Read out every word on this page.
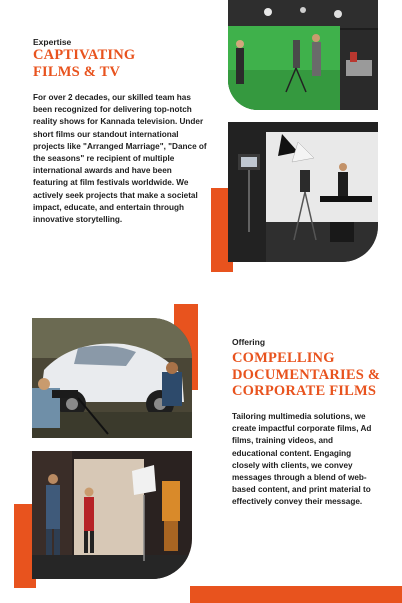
Expertise
CAPTIVATING
FILMS & TV
For over 2 decades, our skilled team has been recognized for delivering top-notch reality shows for Kannada television. Under short films our standout international projects like "Arranged Marriage", "Dance of the seasons" re recipient of multiple international awards and have been featuring at film festivals worldwide. We actively seek projects that make a societal impact, educate, and entertain through innovative storytelling.
Offering
COMPELLING
DOCUMENTARIES &
CORPORATE FILMS
Tailoring multimedia solutions, we create impactful corporate films, Ad films, training videos, and educational content. Engaging closely with clients, we convey messages through a blend of web-based content, and print material to effectively convey their message.
